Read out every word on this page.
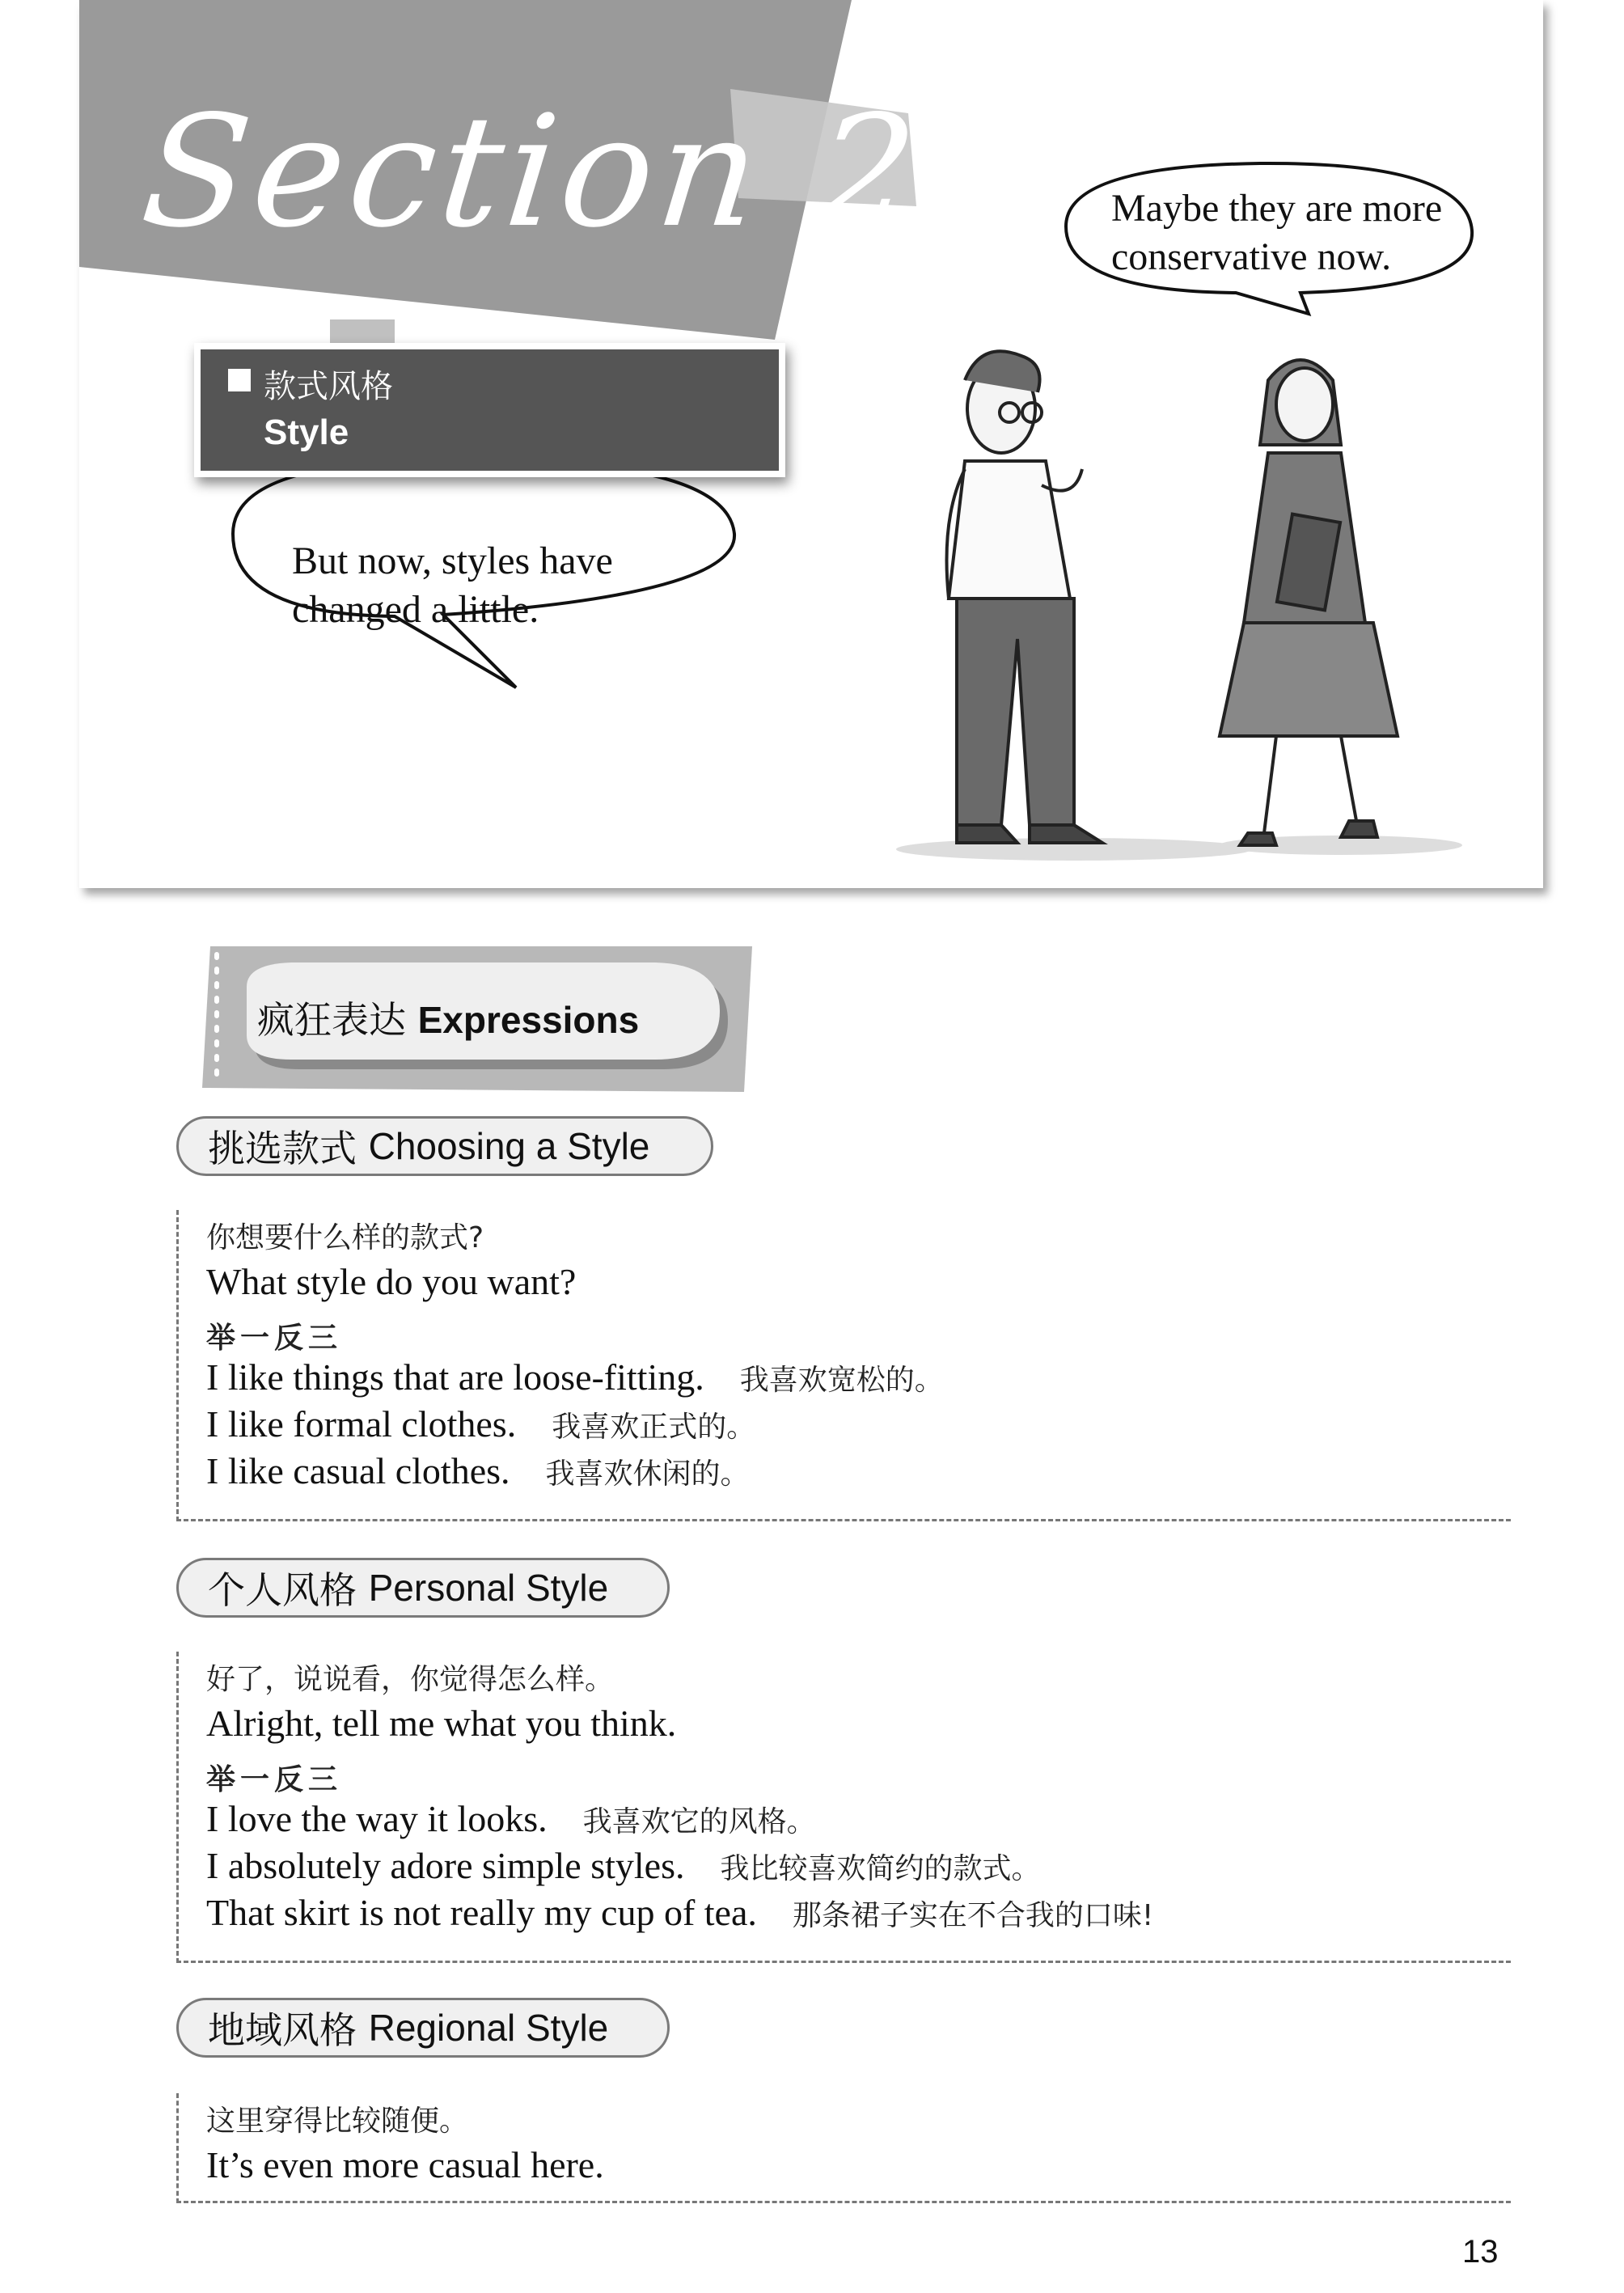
Section 2
款式风格
Style
But now, styles have
changed a little.
Maybe they are more
conservative now.
疯狂表达 Expressions
挑选款式
Choosing a Style
你想要什么样的款式?
What style do you want?
举一反三
I like things that are loose-fitting. 我喜欢宽松的。
I like formal clothes. 我喜欢正式的。
I like casual clothes. 我喜欢休闲的。
个人风格
Personal Style
好了，说说看，你觉得怎么样。
Alright, tell me what you think.
举一反三
I love the way it looks. 我喜欢它的风格。
I absolutely adore simple styles. 我比较喜欢简约的款式。
That skirt is not really my cup of tea. 那条裙子实在不合我的口味!
地域风格
Regional Style
这里穿得比较随便。
It’s even more casual here.
13
